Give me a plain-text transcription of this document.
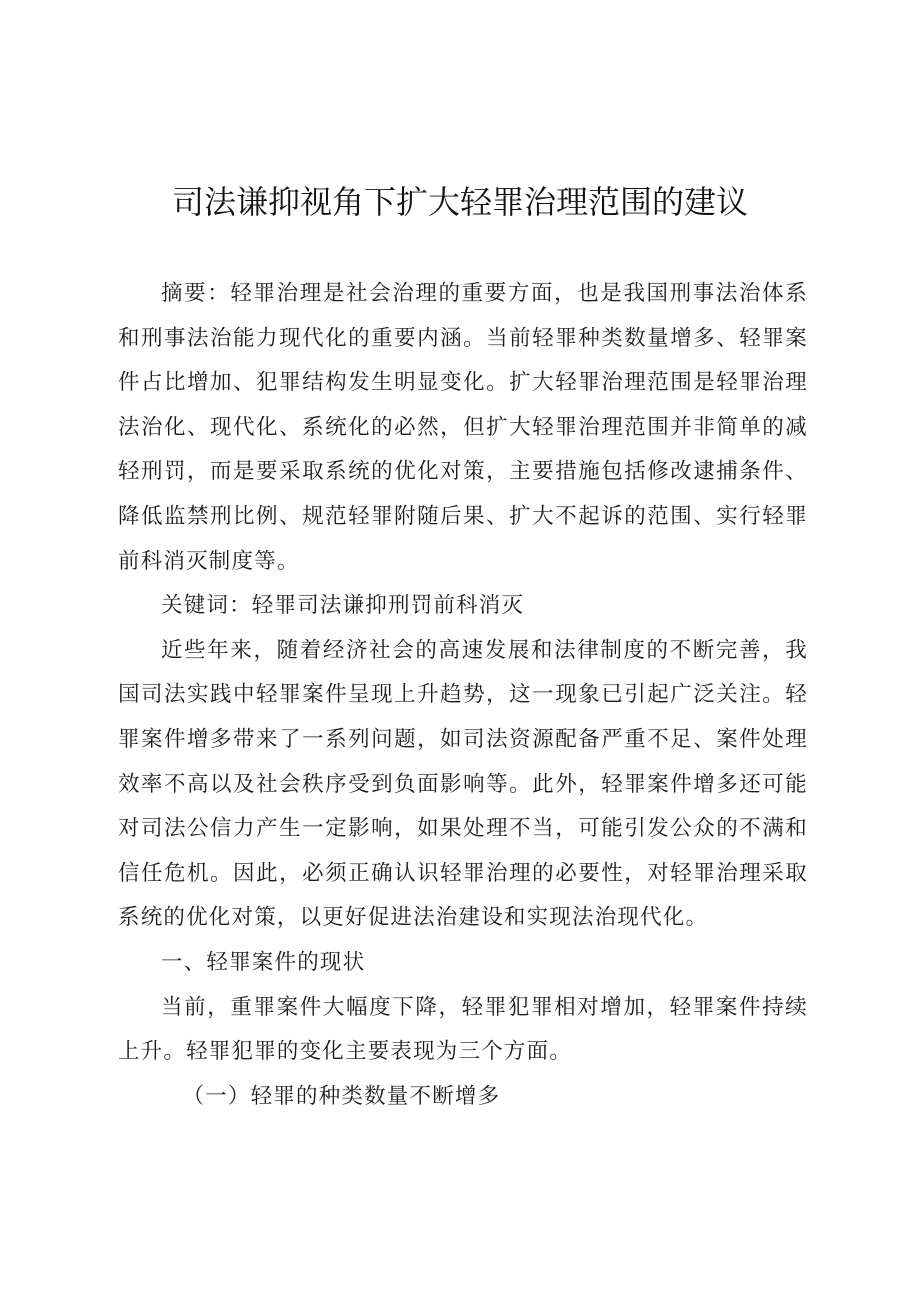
司法谦抑视角下扩大轻罪治理范围的建议

摘要：轻罪治理是社会治理的重要方面，也是我国刑事法治体系和刑事法治能力现代化的重要内涵。当前轻罪种类数量增多、轻罪案件占比增加、犯罪结构发生明显变化。扩大轻罪治理范围是轻罪治理法治化、现代化、系统化的必然，但扩大轻罪治理范围并非简单的减轻刑罚，而是要采取系统的优化对策，主要措施包括修改逮捕条件、降低监禁刑比例、规范轻罪附随后果、扩大不起诉的范围、实行轻罪前科消灭制度等。

关键词：轻罪司法谦抑刑罚前科消灭

近些年来，随着经济社会的高速发展和法律制度的不断完善，我国司法实践中轻罪案件呈现上升趋势，这一现象已引起广泛关注。轻罪案件增多带来了一系列问题，如司法资源配备严重不足、案件处理效率不高以及社会秩序受到负面影响等。此外，轻罪案件增多还可能对司法公信力产生一定影响，如果处理不当，可能引发公众的不满和信任危机。因此，必须正确认识轻罪治理的必要性，对轻罪治理采取系统的优化对策，以更好促进法治建设和实现法治现代化。

一、轻罪案件的现状

当前，重罪案件大幅度下降，轻罪犯罪相对增加，轻罪案件持续上升。轻罪犯罪的变化主要表现为三个方面。

（一）轻罪的种类数量不断增多
